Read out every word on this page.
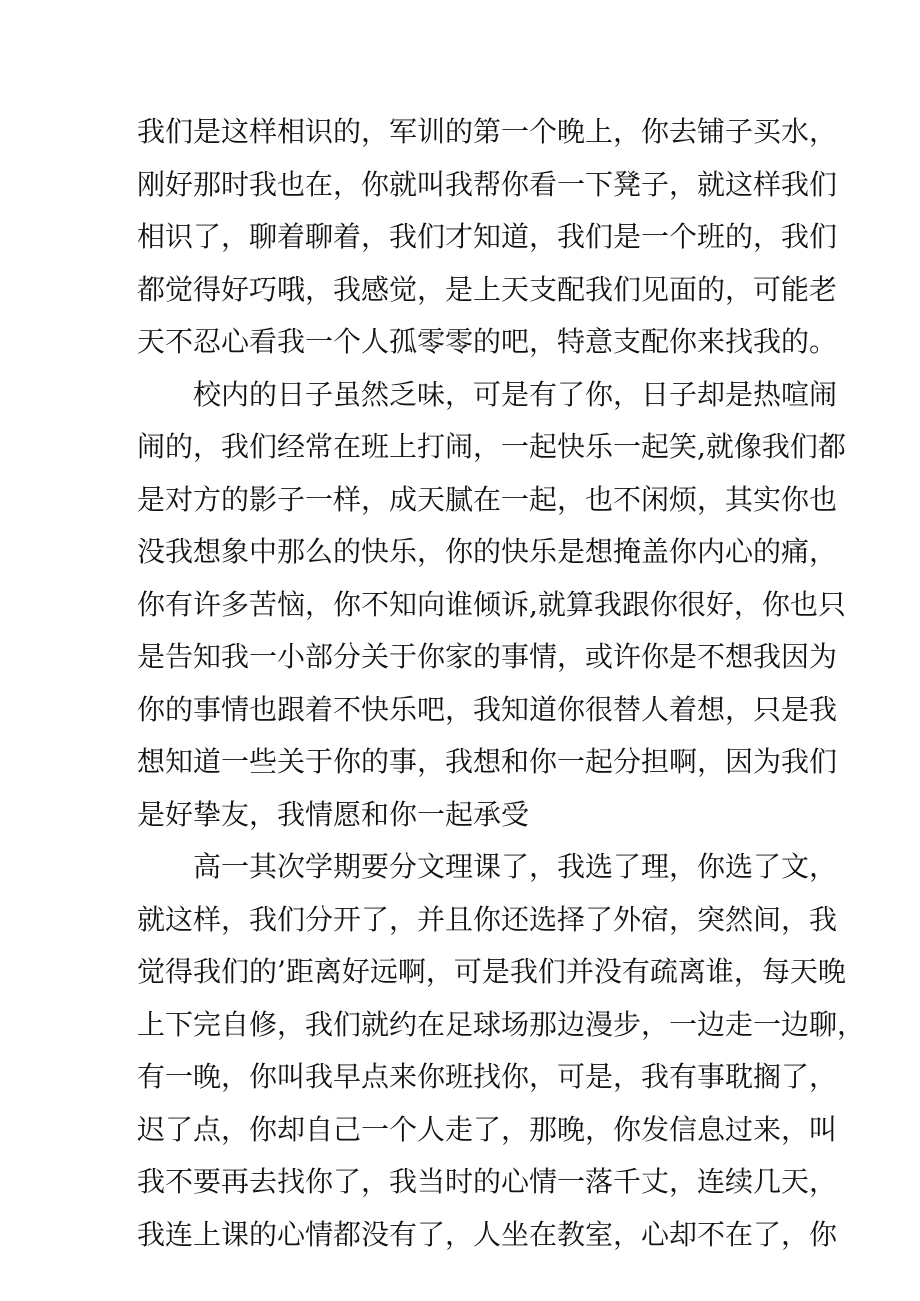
我们是这样相识的，军训的第一个晚上，你去铺子买水，
刚好那时我也在，你就叫我帮你看一下凳子，就这样我们
相识了，聊着聊着，我们才知道，我们是一个班的，我们
都觉得好巧哦，我感觉，是上天支配我们见面的，可能老
天不忍心看我一个人孤零零的吧，特意支配你来找我的。
校内的日子虽然乏味，可是有了你，日子却是热喧闹
闹的，我们经常在班上打闹，一起快乐一起笑,就像我们都
是对方的影子一样，成天腻在一起，也不闲烦，其实你也
没我想象中那么的快乐，你的快乐是想掩盖你内心的痛，
你有许多苦恼，你不知向谁倾诉,就算我跟你很好，你也只
是告知我一小部分关于你家的事情，或许你是不想我因为
你的事情也跟着不快乐吧，我知道你很替人着想，只是我
想知道一些关于你的事，我想和你一起分担啊，因为我们
是好挚友，我情愿和你一起承受
高一其次学期要分文理课了，我选了理，你选了文，
就这样，我们分开了，并且你还选择了外宿，突然间，我
觉得我们的’距离好远啊，可是我们并没有疏离谁，每天晚
上下完自修，我们就约在足球场那边漫步，一边走一边聊，
有一晚，你叫我早点来你班找你，可是，我有事耽搁了，
迟了点，你却自己一个人走了，那晚，你发信息过来，叫
我不要再去找你了，我当时的心情一落千丈，连续几天，
我连上课的心情都没有了，人坐在教室，心却不在了，你
